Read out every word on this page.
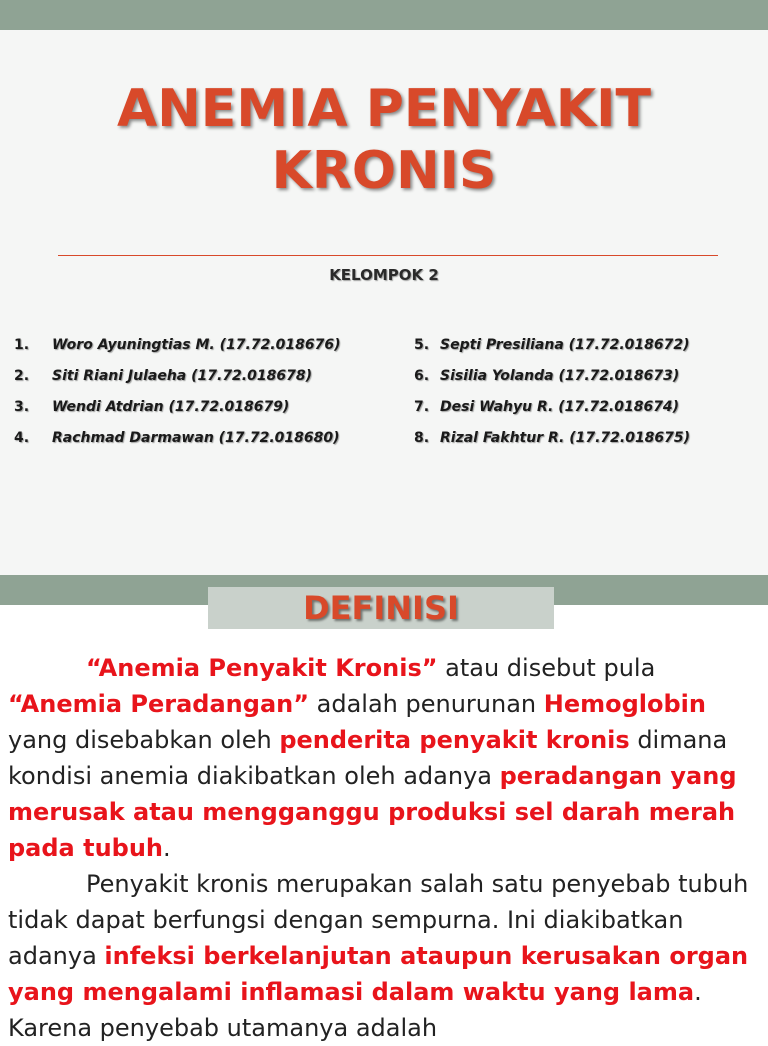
ANEMIA PENYAKIT
KRONIS
KELOMPOK 2
1. Woro Ayuningtias M. (17.72.018676)
2. Siti Riani Julaeha (17.72.018678)
3. Wendi Atdrian (17.72.018679)
4. Rachmad Darmawan (17.72.018680)
5. Septi Presiliana (17.72.018672)
6. Sisilia Yolanda (17.72.018673)
7. Desi Wahyu R. (17.72.018674)
8. Rizal Fakhtur R. (17.72.018675)
DEFINISI

“Anemia Penyakit Kronis” atau disebut pula “Anemia Peradangan” adalah penurunan Hemoglobin yang disebabkan oleh penderita penyakit kronis dimana kondisi anemia diakibatkan oleh adanya peradangan yang merusak atau mengganggu produksi sel darah merah pada tubuh.

Penyakit kronis merupakan salah satu penyebab tubuh tidak dapat berfungsi dengan sempurna. Ini diakibatkan adanya infeksi berkelanjutan ataupun kerusakan organ yang mengalami inflamasi dalam waktu yang lama. Karena penyebab utamanya adalah
